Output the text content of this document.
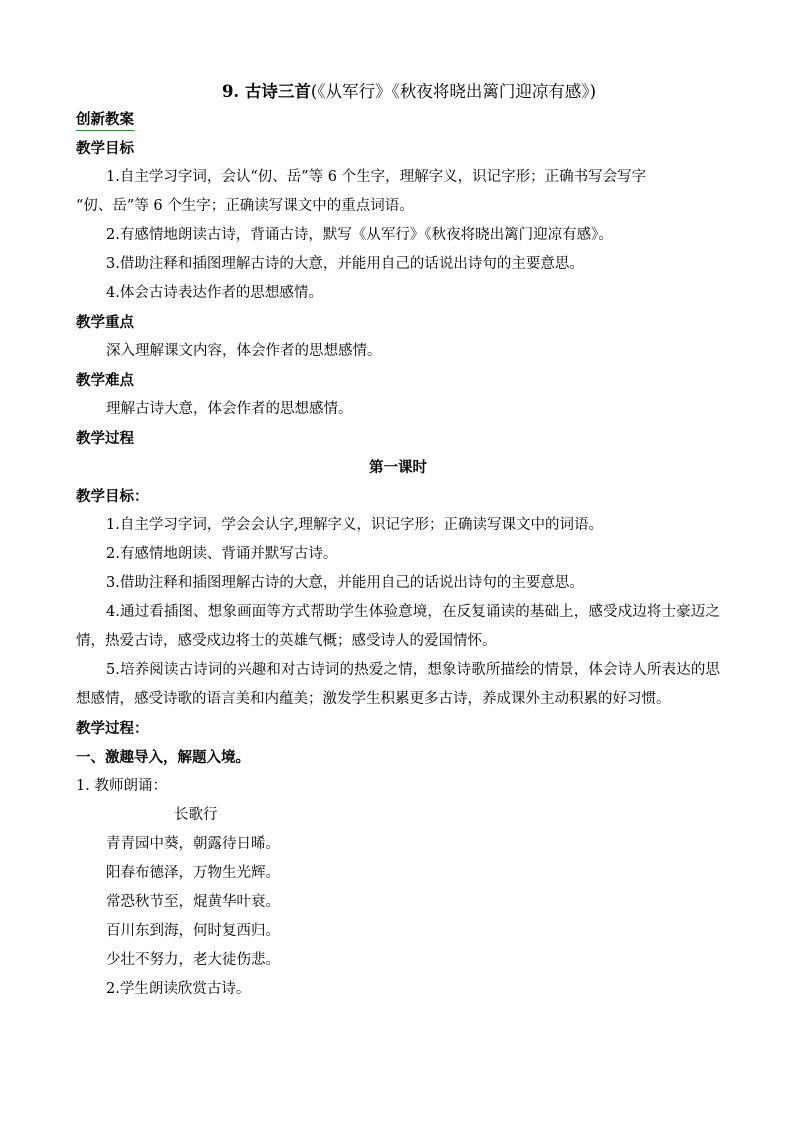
9. 古诗三首(《从军行》《秋夜将晓出篱门迎凉有感》)
创新教案
教学目标
1.自主学习字词，会认“仞、岳”等 6 个生字，理解字义，识记字形；正确书写会写字
“仞、岳”等 6 个生字；正确读写课文中的重点词语。
2.有感情地朗读古诗，背诵古诗，默写《从军行》《秋夜将晓出篱门迎凉有感》。
3.借助注释和插图理解古诗的大意，并能用自己的话说出诗句的主要意思。
4.体会古诗表达作者的思想感情。
教学重点
深入理解课文内容，体会作者的思想感情。
教学难点
理解古诗大意，体会作者的思想感情。
教学过程
第一课时
教学目标：
1.自主学习字词，学会会认字,理解字义，识记字形；正确读写课文中的词语。
2.有感情地朗读、背诵并默写古诗。
3.借助注释和插图理解古诗的大意，并能用自己的话说出诗句的主要意思。
4.通过看插图、想象画面等方式帮助学生体验意境，在反复诵读的基础上，感受戍边将士豪迈之情，热爱古诗，感受戍边将士的英雄气概；感受诗人的爱国情怀。
5.培养阅读古诗词的兴趣和对古诗词的热爱之情，想象诗歌所描绘的情景，体会诗人所表达的思想感情，感受诗歌的语言美和内蕴美；激发学生积累更多古诗，养成课外主动积累的好习惯。
教学过程：
一、激趣导入，解题入境。
1. 教师朗诵：
长歌行
青青园中葵，朝露待日晞。
阳春布德泽，万物生光辉。
常恐秋节至，焜黄华叶衰。
百川东到海，何时复西归。
少壮不努力，老大徒伤悲。
2.学生朗读欣赏古诗。
